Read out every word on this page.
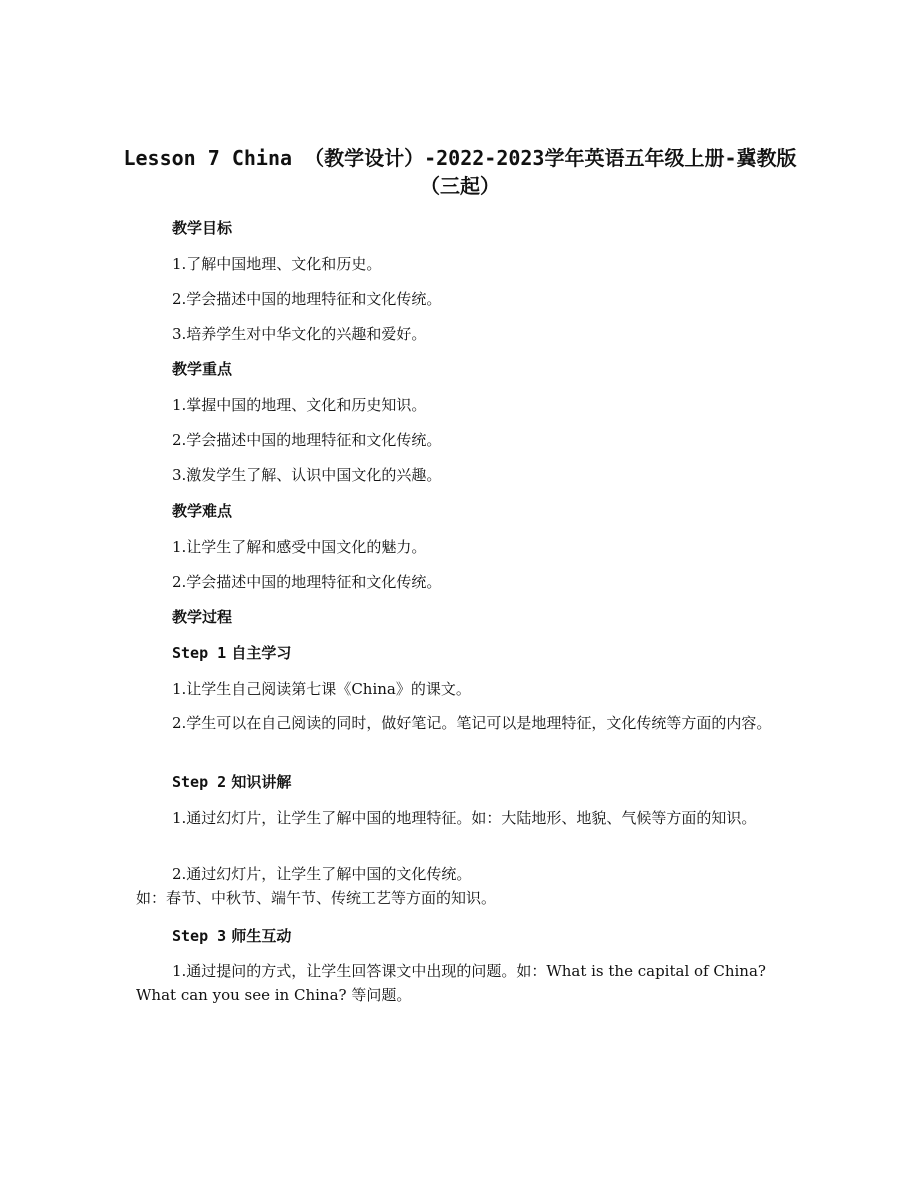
Lesson 7 China （教学设计）-2022-2023学年英语五年级上册-冀教版（三起）

教学目标

1.了解中国地理、文化和历史。

2.学会描述中国的地理特征和文化传统。

3.培养学生对中华文化的兴趣和爱好。

教学重点

1.掌握中国的地理、文化和历史知识。

2.学会描述中国的地理特征和文化传统。

3.激发学生了解、认识中国文化的兴趣。

教学难点

1.让学生了解和感受中国文化的魅力。

2.学会描述中国的地理特征和文化传统。

教学过程

Step 1 自主学习

1.让学生自己阅读第七课《China》的课文。

2.学生可以在自己阅读的同时，做好笔记。笔记可以是地理特征，文化传统等方面的内容。

Step 2 知识讲解

1.通过幻灯片，让学生了解中国的地理特征。如：大陆地形、地貌、气候等方面的知识。

2.通过幻灯片，让学生了解中国的文化传统。

如：春节、中秋节、端午节、传统工艺等方面的知识。

Step 3 师生互动

1.通过提问的方式，让学生回答课文中出现的问题。如：What is the capital of China? What can you see in China? 等问题。
